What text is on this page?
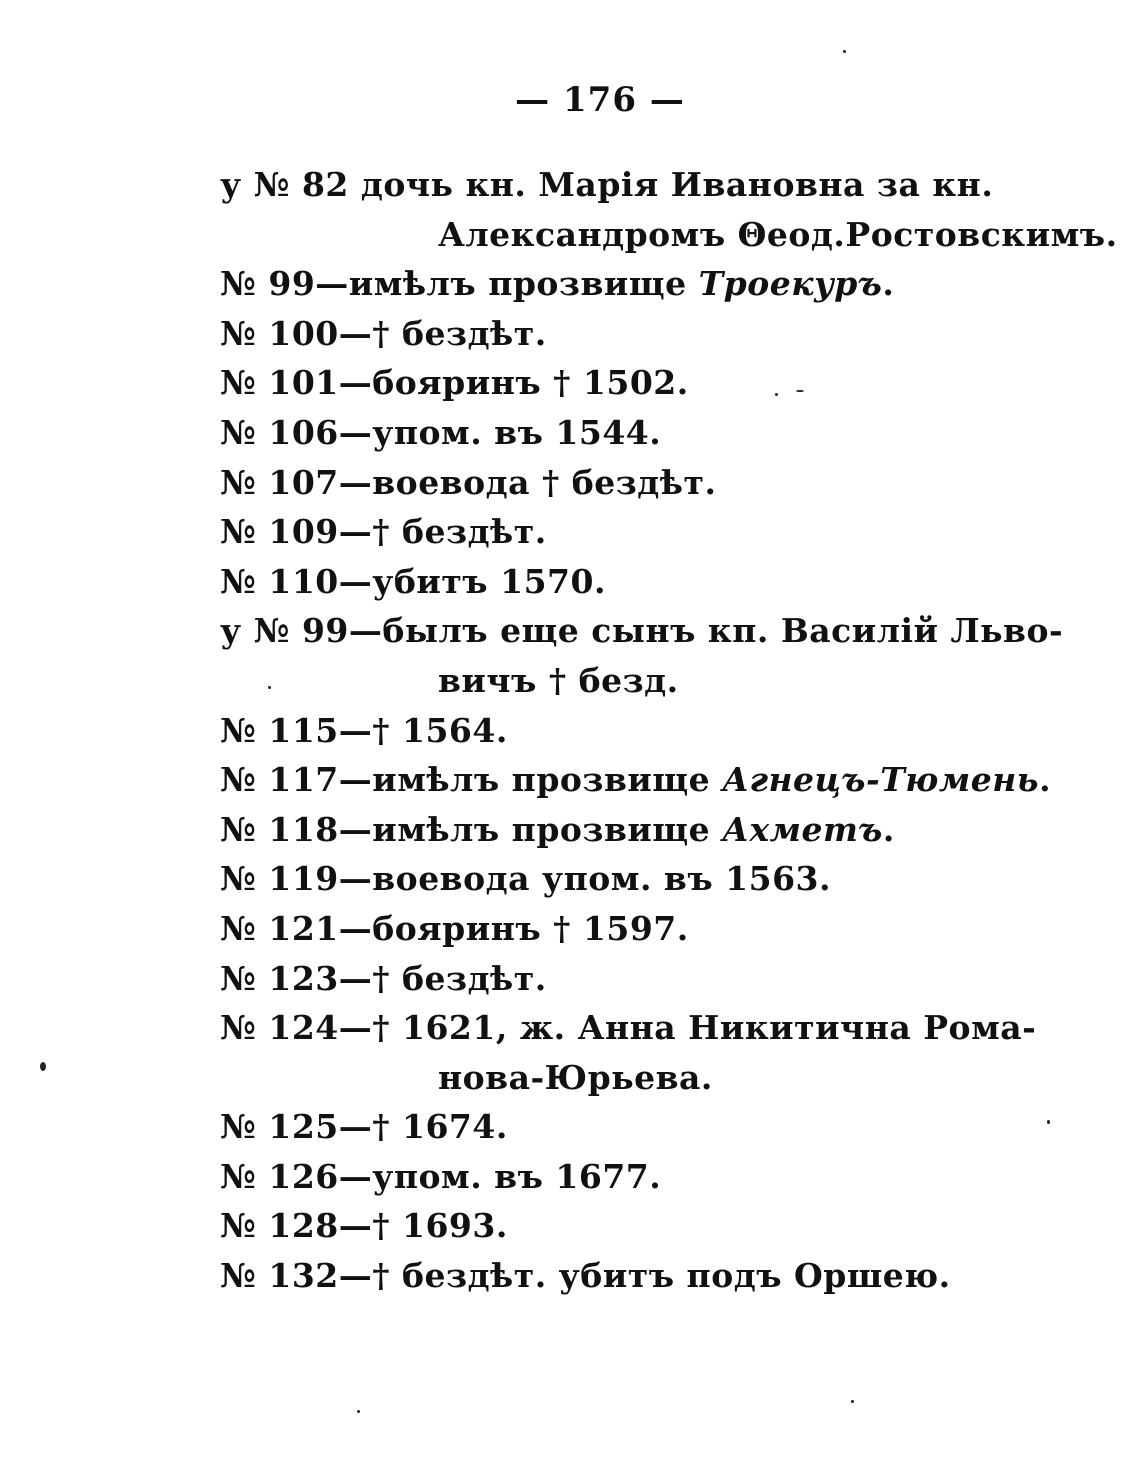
— 176 —
у № 82 дочь кн. Марія Ивановна за кн.
Александромъ Θеод.Ростовскимъ.
№ 99—имѣлъ прозвище Троекуръ.
№ 100—† бездѣт.
№ 101—бояринъ † 1502.
№ 106—упом. въ 1544.
№ 107—воевода † бездѣт.
№ 109—† бездѣт.
№ 110—убитъ 1570.
у № 99—былъ еще сынъ кп. Василій Льво-
вичъ † безд.
№ 115—† 1564.
№ 117—имѣлъ прозвище Агнецъ-Тюмень.
№ 118—имѣлъ прозвище Ахметъ.
№ 119—воевода упом. въ 1563.
№ 121—бояринъ † 1597.
№ 123—† бездѣт.
№ 124—† 1621, ж. Анна Никитична Рома-
нова-Юрьева.
№ 125—† 1674.
№ 126—упом. въ 1677.
№ 128—† 1693.
№ 132—† бездѣт. убитъ подъ Оршею.
